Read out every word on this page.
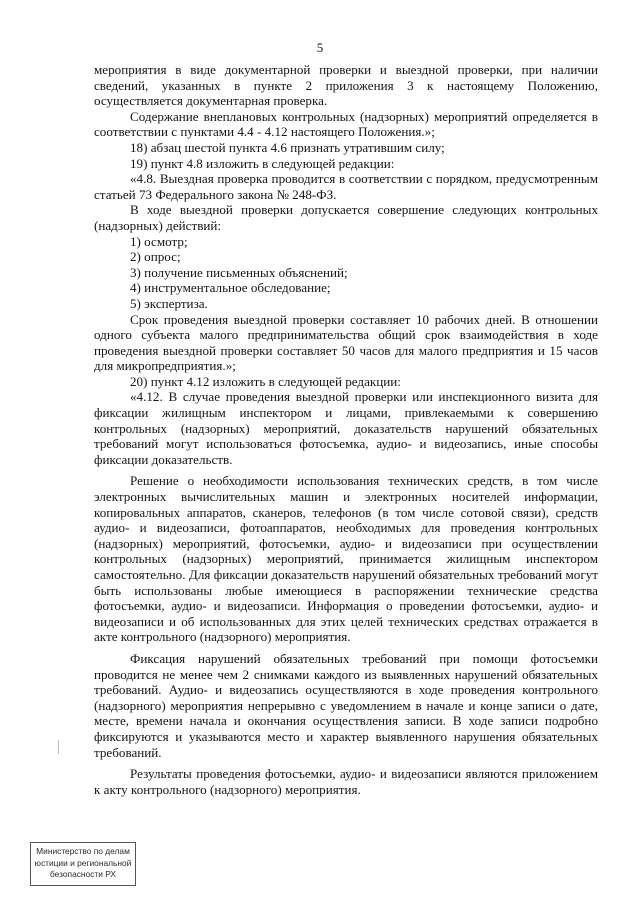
5

мероприятия в виде документарной проверки и выездной проверки, при наличии сведений, указанных в пункте 2 приложения 3 к настоящему Положению, осуществляется документарная проверка.

Содержание внеплановых контрольных (надзорных) мероприятий определяется в соответствии с пунктами 4.4 - 4.12 настоящего Положения.»;

18) абзац шестой пункта 4.6 признать утратившим силу;

19) пункт 4.8 изложить в следующей редакции:

«4.8. Выездная проверка проводится в соответствии с порядком, предусмотренным статьей 73 Федерального закона № 248-ФЗ.

В ходе выездной проверки допускается совершение следующих контрольных (надзорных) действий:

1) осмотр;

2) опрос;

3) получение письменных объяснений;

4) инструментальное обследование;

5) экспертиза.

Срок проведения выездной проверки составляет 10 рабочих дней. В отношении одного субъекта малого предпринимательства общий срок взаимодействия в ходе проведения выездной проверки составляет 50 часов для малого предприятия и 15 часов для микропредприятия.»;

20) пункт 4.12 изложить в следующей редакции:

«4.12. В случае проведения выездной проверки или инспекционного визита для фиксации жилищным инспектором и лицами, привлекаемыми к совершению контрольных (надзорных) мероприятий, доказательств нарушений обязательных требований могут использоваться фотосъемка, аудио- и видеозапись, иные способы фиксации доказательств.

Решение о необходимости использования технических средств, в том числе электронных вычислительных машин и электронных носителей информации, копировальных аппаратов, сканеров, телефонов (в том числе сотовой связи), средств аудио- и видеозаписи, фотоаппаратов, необходимых для проведения контрольных (надзорных) мероприятий, фотосъемки, аудио- и видеозаписи при осуществлении контрольных (надзорных) мероприятий, принимается жилищным инспектором самостоятельно. Для фиксации доказательств нарушений обязательных требований могут быть использованы любые имеющиеся в распоряжении технические средства фотосъемки, аудио- и видеозаписи. Информация о проведении фотосъемки, аудио- и видеозаписи и об использованных для этих целей технических средствах отражается в акте контрольного (надзорного) мероприятия.

Фиксация нарушений обязательных требований при помощи фотосъемки проводится не менее чем 2 снимками каждого из выявленных нарушений обязательных требований. Аудио- и видеозапись осуществляются в ходе проведения контрольного (надзорного) мероприятия непрерывно с уведомлением в начале и конце записи о дате, месте, времени начала и окончания осуществления записи. В ходе записи подробно фиксируются и указываются место и характер выявленного нарушения обязательных требований.

Результаты проведения фотосъемки, аудио- и видеозаписи являются приложением к акту контрольного (надзорного) мероприятия.

Министерство по делам
юстиции и региональной
безопасности РХ
